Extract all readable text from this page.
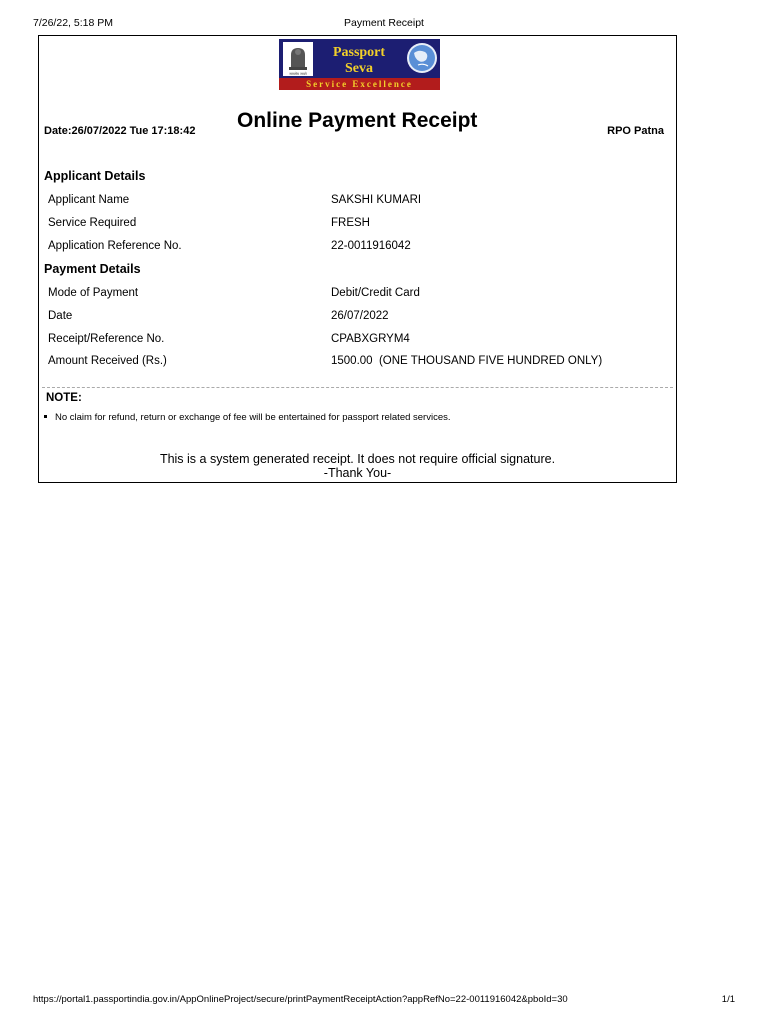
7/26/22, 5:18 PM	Payment Receipt
सत्यमेव जयते
Passport
Seva
Service Excellence
Date:26/07/2022 Tue 17:18:42 Online Payment Receipt	RPO Patna
Applicant Details
Applicant Name	SAKSHI KUMARI
Service Required	FRESH
Application Reference No.	22-0011916042
Payment Details
Mode of Payment	Debit/Credit Card
Date	26/07/2022
Receipt/Reference No.	CPABXGRYM4
Amount Received (Rs.)	1500.00  (ONE THOUSAND FIVE HUNDRED ONLY)
NOTE:
No claim for refund, return or exchange of fee will be entertained for passport related services.
This is a system generated receipt. It does not require official signature.
-Thank You-
https://portal1.passportindia.gov.in/AppOnlineProject/secure/printPaymentReceiptAction?appRefNo=22-0011916042&pboId=30	1/1
